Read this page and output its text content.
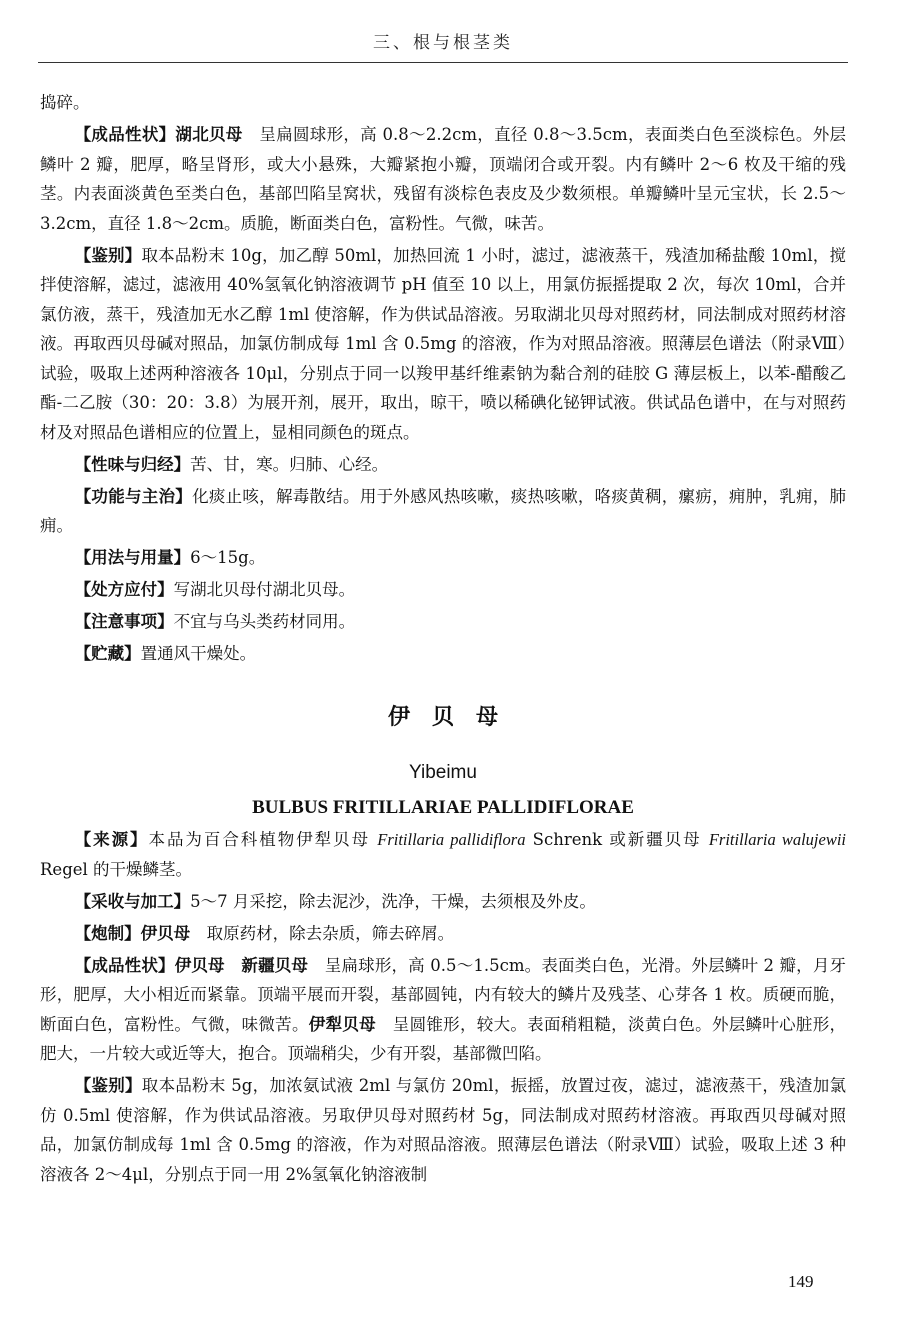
三、根与根茎类

捣碎。

【成品性状】湖北贝母　呈扁圆球形，高 0.8～2.2cm，直径 0.8～3.5cm，表面类白色至淡棕色。外层鳞叶 2 瓣，肥厚，略呈肾形，或大小悬殊，大瓣紧抱小瓣，顶端闭合或开裂。内有鳞叶 2～6 枚及干缩的残茎。内表面淡黄色至类白色，基部凹陷呈窝状，残留有淡棕色表皮及少数须根。单瓣鳞叶呈元宝状，长 2.5～3.2cm，直径 1.8～2cm。质脆，断面类白色，富粉性。气微，味苦。

【鉴别】取本品粉末 10g，加乙醇 50ml，加热回流 1 小时，滤过，滤液蒸干，残渣加稀盐酸 10ml，搅拌使溶解，滤过，滤液用 40%氢氧化钠溶液调节 pH 值至 10 以上，用氯仿振摇提取 2 次，每次 10ml，合并氯仿液，蒸干，残渣加无水乙醇 1ml 使溶解，作为供试品溶液。另取湖北贝母对照药材，同法制成对照药材溶液。再取西贝母碱对照品，加氯仿制成每 1ml 含 0.5mg 的溶液，作为对照品溶液。照薄层色谱法（附录Ⅷ）试验，吸取上述两种溶液各 10μl，分别点于同一以羧甲基纤维素钠为黏合剂的硅胶 G 薄层板上，以苯-醋酸乙酯-二乙胺（30：20：3.8）为展开剂，展开，取出，晾干，喷以稀碘化铋钾试液。供试品色谱中，在与对照药材及对照品色谱相应的位置上，显相同颜色的斑点。

【性味与归经】苦、甘，寒。归肺、心经。

【功能与主治】化痰止咳，解毒散结。用于外感风热咳嗽，痰热咳嗽，咯痰黄稠，瘰疬，痈肿，乳痈，肺痈。

【用法与用量】6～15g。

【处方应付】写湖北贝母付湖北贝母。

【注意事项】不宜与乌头类药材同用。

【贮藏】置通风干燥处。

伊贝母
Yibeimu
BULBUS FRITILLARIAE PALLIDIFLORAE

【来源】本品为百合科植物伊犁贝母 Fritillaria pallidiflora Schrenk 或新疆贝母 Fritillaria walujewii Regel 的干燥鳞茎。

【采收与加工】5～7 月采挖，除去泥沙，洗净，干燥，去须根及外皮。

【炮制】伊贝母　取原药材，除去杂质，筛去碎屑。

【成品性状】伊贝母　新疆贝母　呈扁球形，高 0.5～1.5cm。表面类白色，光滑。外层鳞叶 2 瓣，月牙形，肥厚，大小相近而紧靠。顶端平展而开裂，基部圆钝，内有较大的鳞片及残茎、心芽各 1 枚。质硬而脆，断面白色，富粉性。气微，味微苦。伊犁贝母　呈圆锥形，较大。表面稍粗糙，淡黄白色。外层鳞叶心脏形，肥大，一片较大或近等大，抱合。顶端稍尖，少有开裂，基部微凹陷。

【鉴别】取本品粉末 5g，加浓氨试液 2ml 与氯仿 20ml，振摇，放置过夜，滤过，滤液蒸干，残渣加氯仿 0.5ml 使溶解，作为供试品溶液。另取伊贝母对照药材 5g，同法制成对照药材溶液。再取西贝母碱对照品，加氯仿制成每 1ml 含 0.5mg 的溶液，作为对照品溶液。照薄层色谱法（附录Ⅷ）试验，吸取上述 3 种溶液各 2～4μl，分别点于同一用 2%氢氧化钠溶液制

149
